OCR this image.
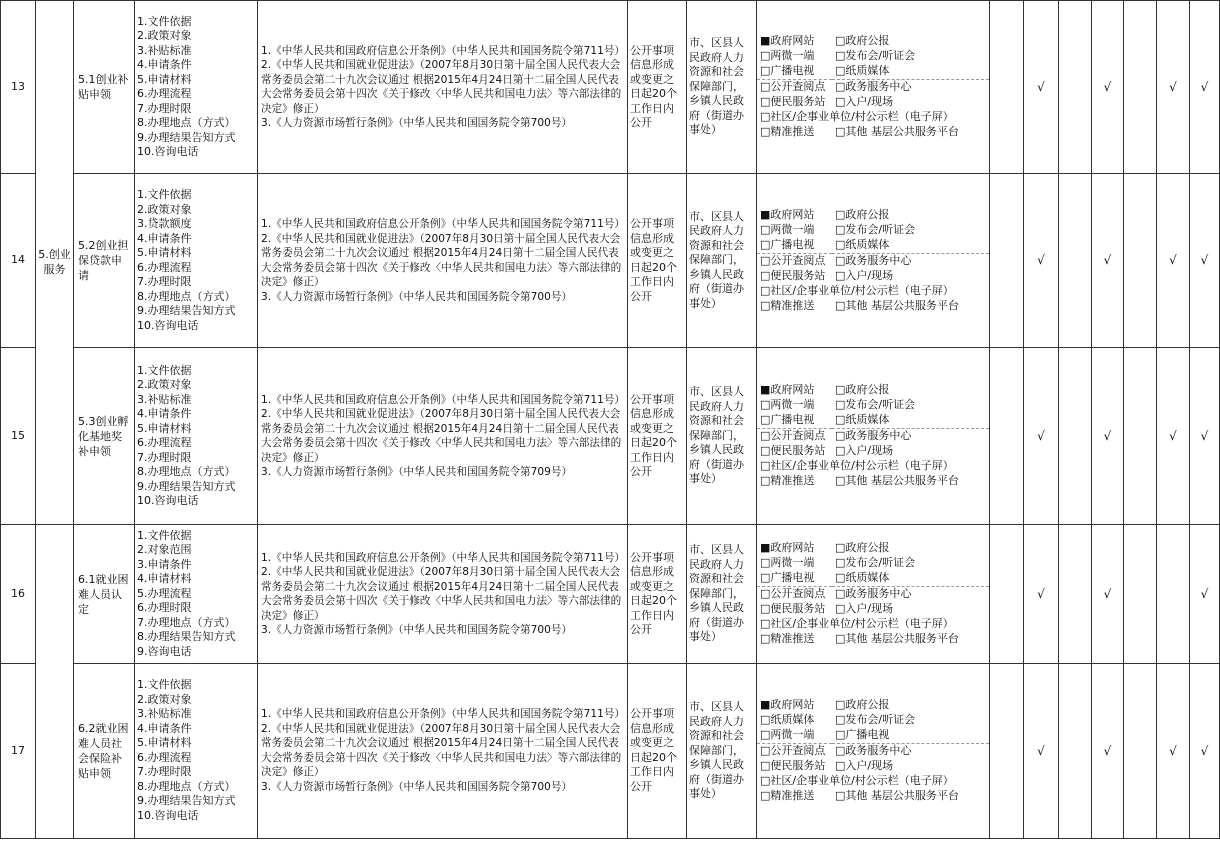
13	5.创业服务	5.1创业补贴申领	
1.文件依据
2.政策对象
3.补贴标准
4.申请条件
5.申请材料
6.办理流程
7.办理时限
8.办理地点（方式）
9.办理结果告知方式
10.咨询电话

1.《中华人民共和国政府信息公开条例》（中华人民共和国国务院令第711号）
2.《中华人民共和国就业促进法》（2007年8月30日第十届全国人民代表大会常务委员会第二十九次会议通过 根据2015年4月24日第十二届全国人民代表大会常务委员会第十四次《关于修改〈中华人民共和国电力法〉等六部法律的决定》修正）
3.《人力资源市场暂行条例》（中华人民共和国国务院令第700号）
	公开事项信息形成或变更之日起20个工作日内公开	市、区县人民政府人力资源和社会保障部门，乡镇人民政府（街道办事处）	
■政府网站	□政府公报
□两微一端	□发布会/听证会
□广播电视	□纸质媒体
□公开查阅点	□政务服务中心
□便民服务站	□入户/现场
□社区/企事业单位/村公示栏（电子屏）
□精准推送	□其他 基层公共服务平台
		√		√		√	√
14	5.2创业担保贷款申请	
1.文件依据
2.政策对象
3.贷款额度
4.申请条件
5.申请材料
6.办理流程
7.办理时限
8.办理地点（方式）
9.办理结果告知方式
10.咨询电话

1.《中华人民共和国政府信息公开条例》（中华人民共和国国务院令第711号）
2.《中华人民共和国就业促进法》（2007年8月30日第十届全国人民代表大会常务委员会第二十九次会议通过 根据2015年4月24日第十二届全国人民代表大会常务委员会第十四次《关于修改〈中华人民共和国电力法〉等六部法律的决定》修正）
3.《人力资源市场暂行条例》（中华人民共和国国务院令第700号）
	公开事项信息形成或变更之日起20个工作日内公开	市、区县人民政府人力资源和社会保障部门，乡镇人民政府（街道办事处）	
■政府网站	□政府公报
□两微一端	□发布会/听证会
□广播电视	□纸质媒体
□公开查阅点	□政务服务中心
□便民服务站	□入户/现场
□社区/企事业单位/村公示栏（电子屏）
□精准推送	□其他 基层公共服务平台
		√		√		√	√
15	5.3创业孵化基地奖补申领	
1.文件依据
2.政策对象
3.补贴标准
4.申请条件
5.申请材料
6.办理流程
7.办理时限
8.办理地点（方式）
9.办理结果告知方式
10.咨询电话

1.《中华人民共和国政府信息公开条例》（中华人民共和国国务院令第711号）
2.《中华人民共和国就业促进法》（2007年8月30日第十届全国人民代表大会常务委员会第二十九次会议通过 根据2015年4月24日第十二届全国人民代表大会常务委员会第十四次《关于修改〈中华人民共和国电力法〉等六部法律的决定》修正）
3.《人力资源市场暂行条例》（中华人民共和国国务院令第709号）
	公开事项信息形成或变更之日起20个工作日内公开	市、区县人民政府人力资源和社会保障部门，乡镇人民政府（街道办事处）	
■政府网站	□政府公报
□两微一端	□发布会/听证会
□广播电视	□纸质媒体
□公开查阅点	□政务服务中心
□便民服务站	□入户/现场
□社区/企事业单位/村公示栏（电子屏）
□精准推送	□其他 基层公共服务平台
		√		√		√	√
16		6.1就业困难人员认定	
1.文件依据
2.对象范围
3.申请条件
4.申请材料
5.办理流程
6.办理时限
7.办理地点（方式）
8.办理结果告知方式
9.咨询电话

1.《中华人民共和国政府信息公开条例》（中华人民共和国国务院令第711号）
2.《中华人民共和国就业促进法》（2007年8月30日第十届全国人民代表大会常务委员会第二十九次会议通过 根据2015年4月24日第十二届全国人民代表大会常务委员会第十四次《关于修改〈中华人民共和国电力法〉等六部法律的决定》修正）
3.《人力资源市场暂行条例》（中华人民共和国国务院令第700号）
	公开事项信息形成或变更之日起20个工作日内公开	市、区县人民政府人力资源和社会保障部门，乡镇人民政府（街道办事处）	
■政府网站	□政府公报
□两微一端	□发布会/听证会
□广播电视	□纸质媒体
□公开查阅点	□政务服务中心
□便民服务站	□入户/现场
□社区/企事业单位/村公示栏（电子屏）
□精准推送	□其他 基层公共服务平台
		√		√			√
17	6.2就业困难人员社会保险补贴申领	
1.文件依据
2.政策对象
3.补贴标准
4.申请条件
5.申请材料
6.办理流程
7.办理时限
8.办理地点（方式）
9.办理结果告知方式
10.咨询电话

1.《中华人民共和国政府信息公开条例》（中华人民共和国国务院令第711号）
2.《中华人民共和国就业促进法》（2007年8月30日第十届全国人民代表大会常务委员会第二十九次会议通过 根据2015年4月24日第十二届全国人民代表大会常务委员会第十四次《关于修改〈中华人民共和国电力法〉等六部法律的决定》修正）
3.《人力资源市场暂行条例》（中华人民共和国国务院令第700号）
	公开事项信息形成或变更之日起20个工作日内公开	市、区县人民政府人力资源和社会保障部门，乡镇人民政府（街道办事处）	
■政府网站	□政府公报
□纸质媒体	□发布会/听证会
□两微一端	□广播电视
□公开查阅点	□政务服务中心
□便民服务站	□入户/现场
□社区/企事业单位/村公示栏（电子屏）
□精准推送	□其他 基层公共服务平台
		√		√		√	√
